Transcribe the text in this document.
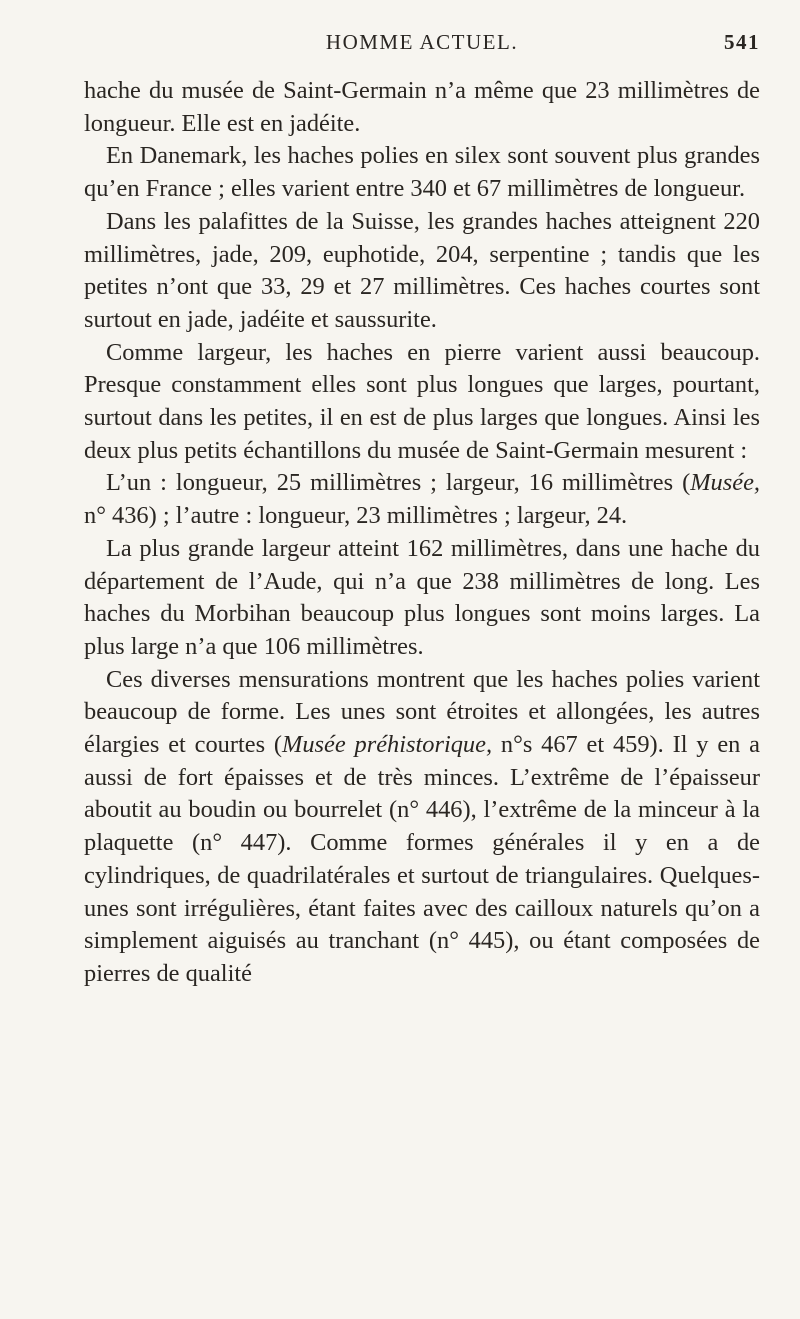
HOMME ACTUEL.	541

hache du musée de Saint-Germain n’a même que 23 millimètres de longueur. Elle est en jadéite.

En Danemark, les haches polies en silex sont souvent plus grandes qu’en France ; elles varient entre 340 et 67 millimètres de longueur.

Dans les palafittes de la Suisse, les grandes haches atteignent 220 millimètres, jade, 209, euphotide, 204, serpentine ; tandis que les petites n’ont que 33, 29 et 27 millimètres. Ces haches courtes sont surtout en jade, jadéite et saussurite.

Comme largeur, les haches en pierre varient aussi beaucoup. Presque constamment elles sont plus longues que larges, pourtant, surtout dans les petites, il en est de plus larges que longues. Ainsi les deux plus petits échantillons du musée de Saint-Germain mesurent :

L’un : longueur, 25 millimètres ; largeur, 16 millimètres (Musée, n° 436) ; l’autre : longueur, 23 millimètres ; largeur, 24.

La plus grande largeur atteint 162 millimètres, dans une hache du département de l’Aude, qui n’a que 238 millimètres de long. Les haches du Morbihan beaucoup plus longues sont moins larges. La plus large n’a que 106 millimètres.

Ces diverses mensurations montrent que les haches polies varient beaucoup de forme. Les unes sont étroites et allongées, les autres élargies et courtes (Musée préhistorique, n°s 467 et 459). Il y en a aussi de fort épaisses et de très minces. L’extrême de l’épaisseur aboutit au boudin ou bourrelet (n° 446), l’extrême de la minceur à la plaquette (n° 447). Comme formes générales il y en a de cylindriques, de quadrilatérales et surtout de triangulaires. Quelques-unes sont irrégulières, étant faites avec des cailloux naturels qu’on a simplement aiguisés au tranchant (n° 445), ou étant composées de pierres de qualité
